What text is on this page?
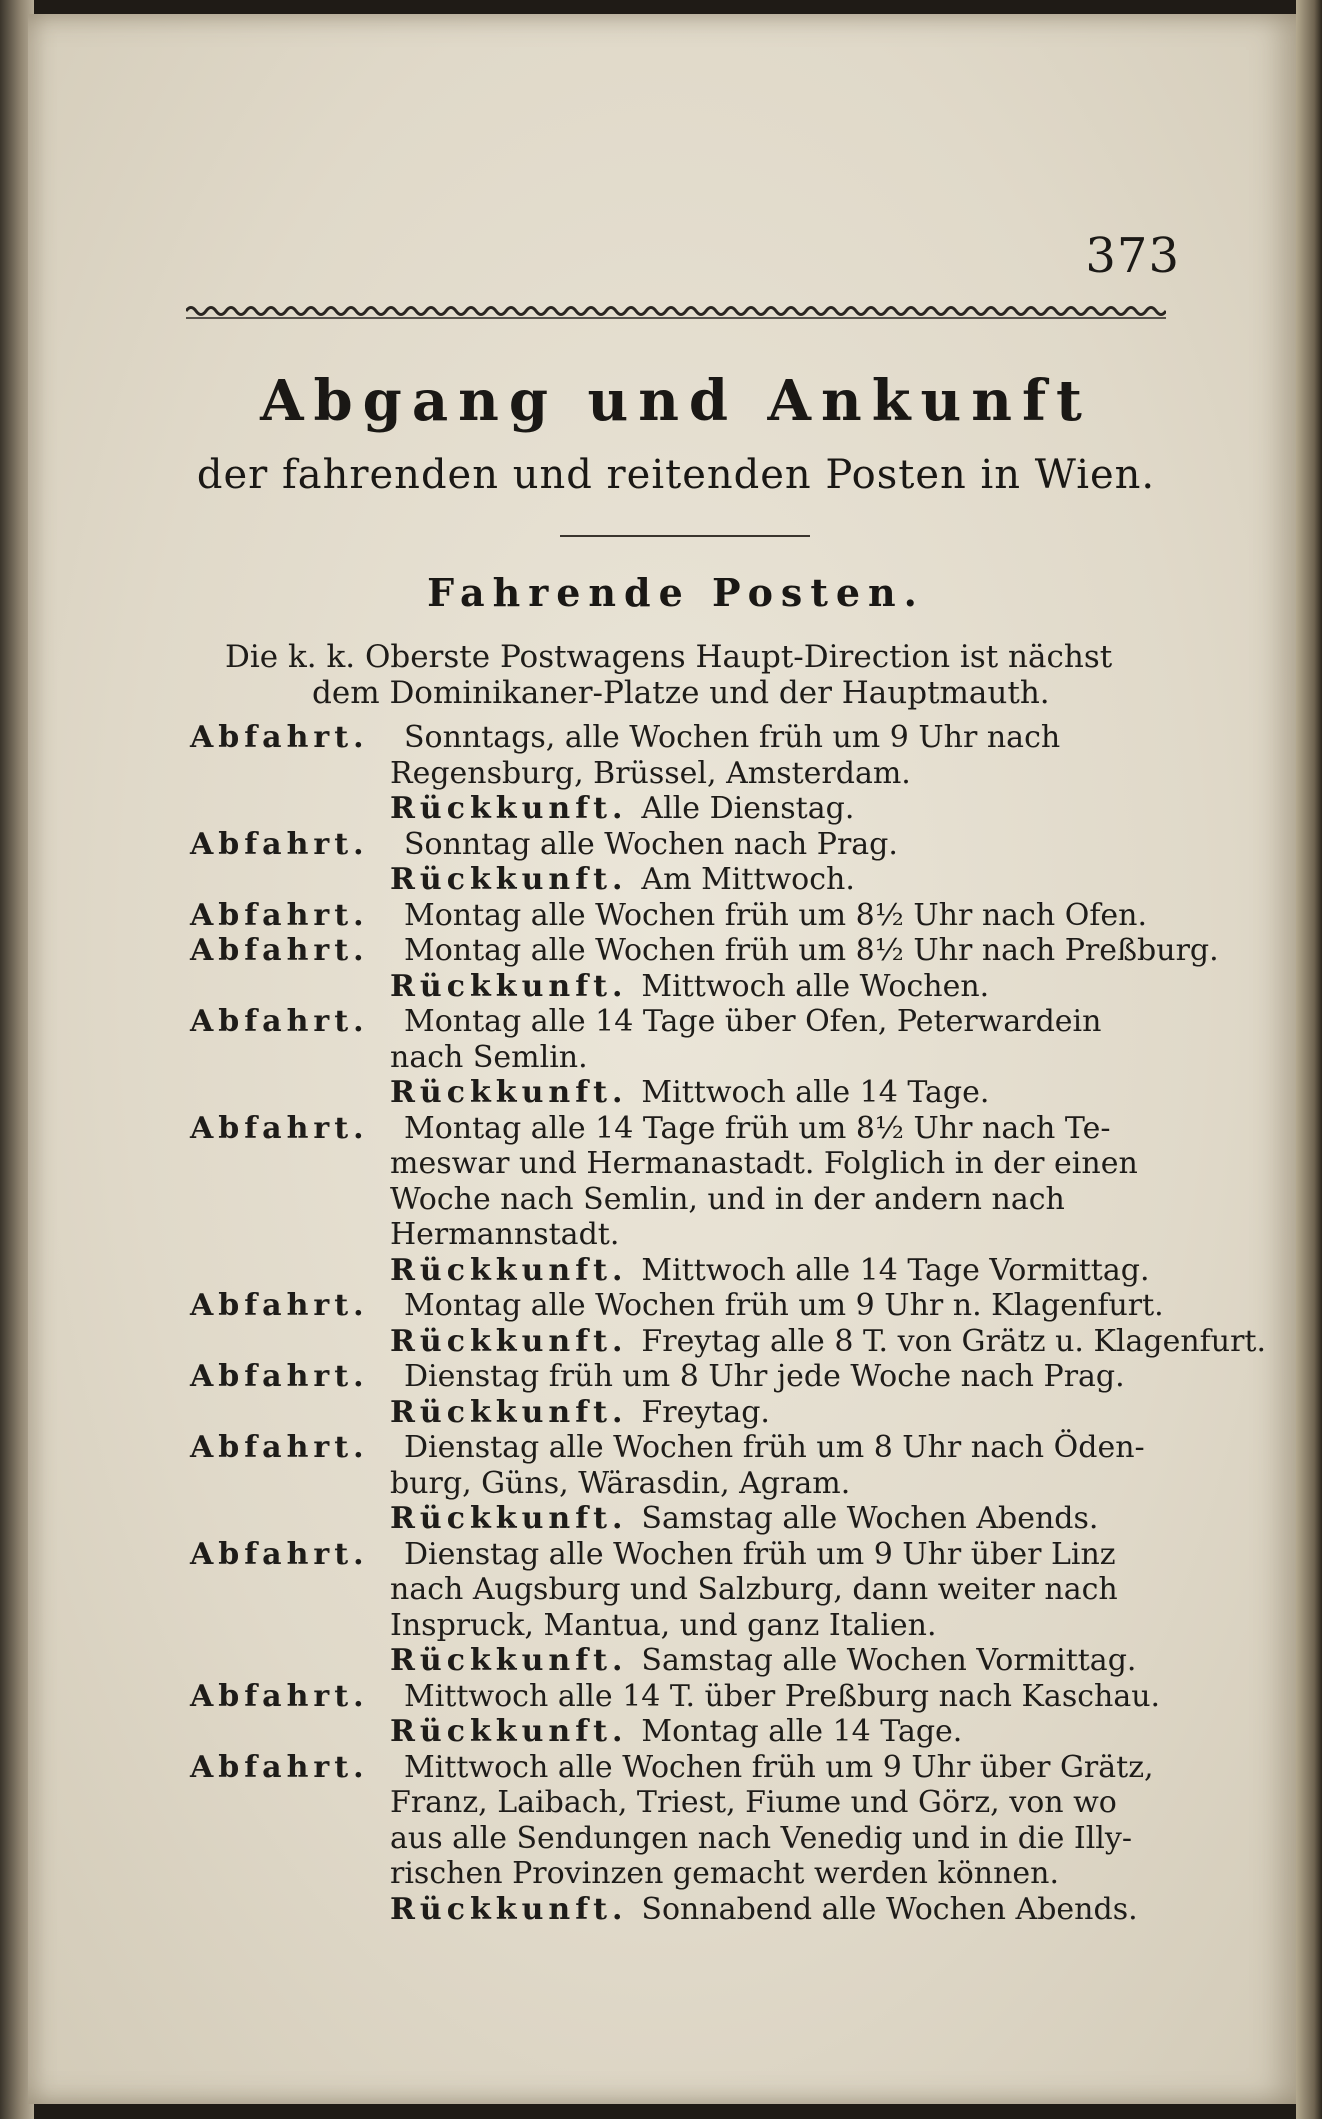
373
Abgang und Ankunft
der fahrenden und reitenden Posten in Wien.
Fahrende Posten.
Die k. k. Oberste Postwagens Haupt-Direction ist nächst
dem Dominikaner-Platze und der Hauptmauth.
Abfahrt.	Sonntags, alle Wochen früh um 9 Uhr nach
Regensburg, Brüssel, Amsterdam.
Rückkunft. Alle Dienstag.
Abfahrt.	Sonntag alle Wochen nach Prag.
Rückkunft. Am Mittwoch.
Abfahrt.	Montag alle Wochen früh um 8½ Uhr nach Ofen.
Abfahrt.	Montag alle Wochen früh um 8½ Uhr nach Preßburg.
Rückkunft. Mittwoch alle Wochen.
Abfahrt.	Montag alle 14 Tage über Ofen, Peterwardein
nach Semlin.
Rückkunft. Mittwoch alle 14 Tage.
Abfahrt.	Montag alle 14 Tage früh um 8½ Uhr nach Te-
meswar und Hermanastadt. Folglich in der einen
Woche nach Semlin, und in der andern nach
Hermannstadt.
Rückkunft. Mittwoch alle 14 Tage Vormittag.
Abfahrt.	Montag alle Wochen früh um 9 Uhr n. Klagenfurt.
Rückkunft. Freytag alle 8 T. von Grätz u. Klagenfurt.
Abfahrt.	Dienstag früh um 8 Uhr jede Woche nach Prag.
Rückkunft. Freytag.
Abfahrt.	Dienstag alle Wochen früh um 8 Uhr nach Öden-
burg, Güns, Wärasdin, Agram.
Rückkunft. Samstag alle Wochen Abends.
Abfahrt.	Dienstag alle Wochen früh um 9 Uhr über Linz
nach Augsburg und Salzburg, dann weiter nach
Inspruck, Mantua, und ganz Italien.
Rückkunft. Samstag alle Wochen Vormittag.
Abfahrt.	Mittwoch alle 14 T. über Preßburg nach Kaschau.
Rückkunft. Montag alle 14 Tage.
Abfahrt.	Mittwoch alle Wochen früh um 9 Uhr über Grätz,
Franz, Laibach, Triest, Fiume und Görz, von wo
aus alle Sendungen nach Venedig und in die Illy-
rischen Provinzen gemacht werden können.
Rückkunft. Sonnabend alle Wochen Abends.
